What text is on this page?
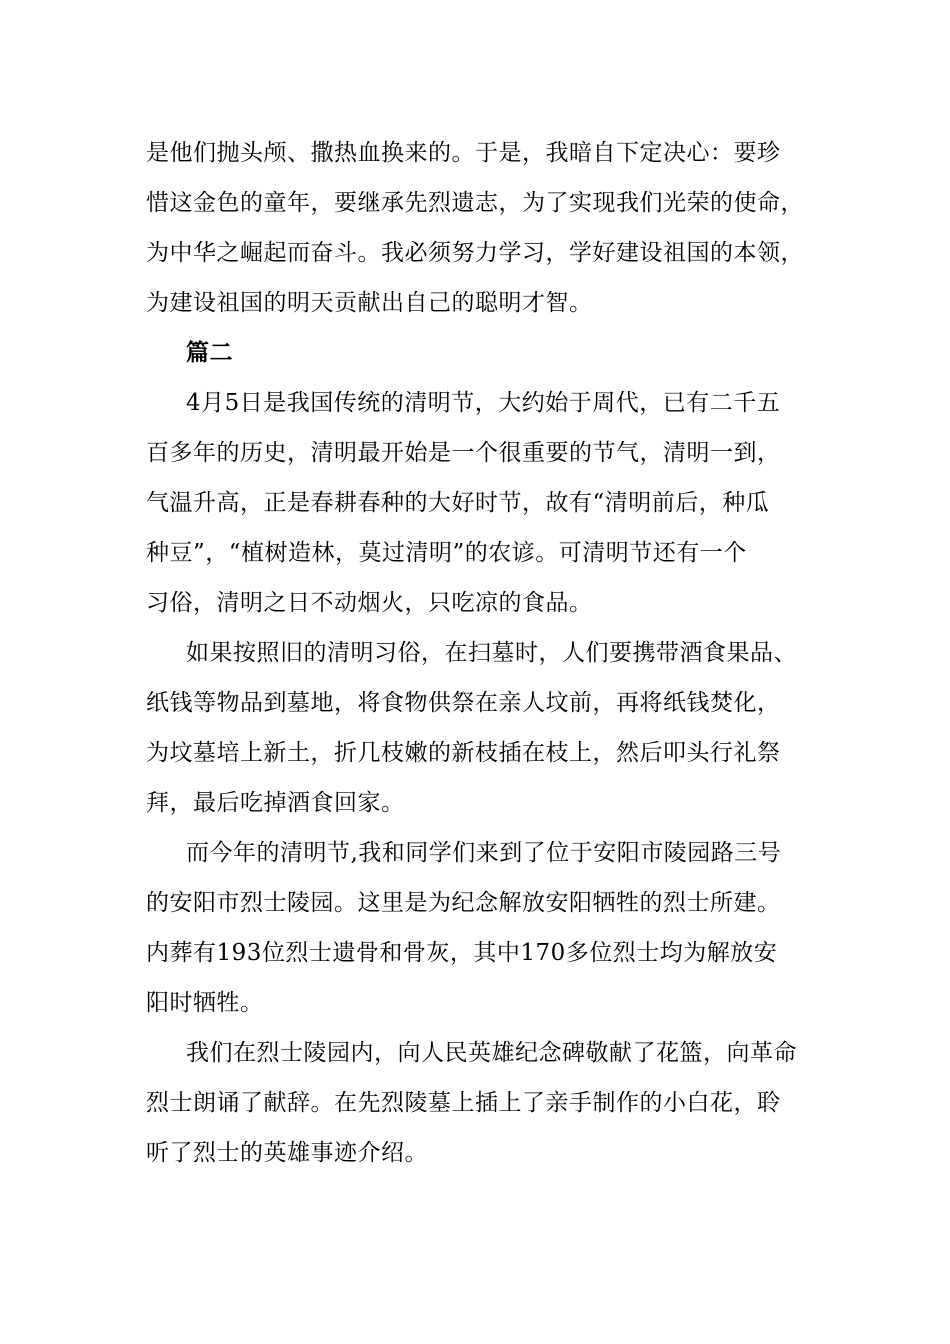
是他们抛头颅、撒热血换来的。于是，我暗自下定决心：要珍
惜这金色的童年，要继承先烈遗志，为了实现我们光荣的使命，
为中华之崛起而奋斗。我必须努力学习，学好建设祖国的本领，
为建设祖国的明天贡献出自己的聪明才智。

篇二

4月5日是我国传统的清明节，大约始于周代，已有二千五
百多年的历史，清明最开始是一个很重要的节气，清明一到，
气温升高，正是春耕春种的大好时节，故有“清明前后，种瓜
种豆”，“植树造林，莫过清明”的农谚。可清明节还有一个
习俗，清明之日不动烟火，只吃凉的食品。

如果按照旧的清明习俗，在扫墓时，人们要携带酒食果品、
纸钱等物品到墓地，将食物供祭在亲人坟前，再将纸钱焚化，
为坟墓培上新土，折几枝嫩的新枝插在枝上，然后叩头行礼祭
拜，最后吃掉酒食回家。

而今年的清明节,我和同学们来到了位于安阳市陵园路三号
的安阳市烈士陵园。这里是为纪念解放安阳牺牲的烈士所建。
内葬有193位烈士遗骨和骨灰，其中170多位烈士均为解放安
阳时牺牲。

我们在烈士陵园内，向人民英雄纪念碑敬献了花篮，向革命
烈士朗诵了献辞。在先烈陵墓上插上了亲手制作的小白花，聆
听了烈士的英雄事迹介绍。
